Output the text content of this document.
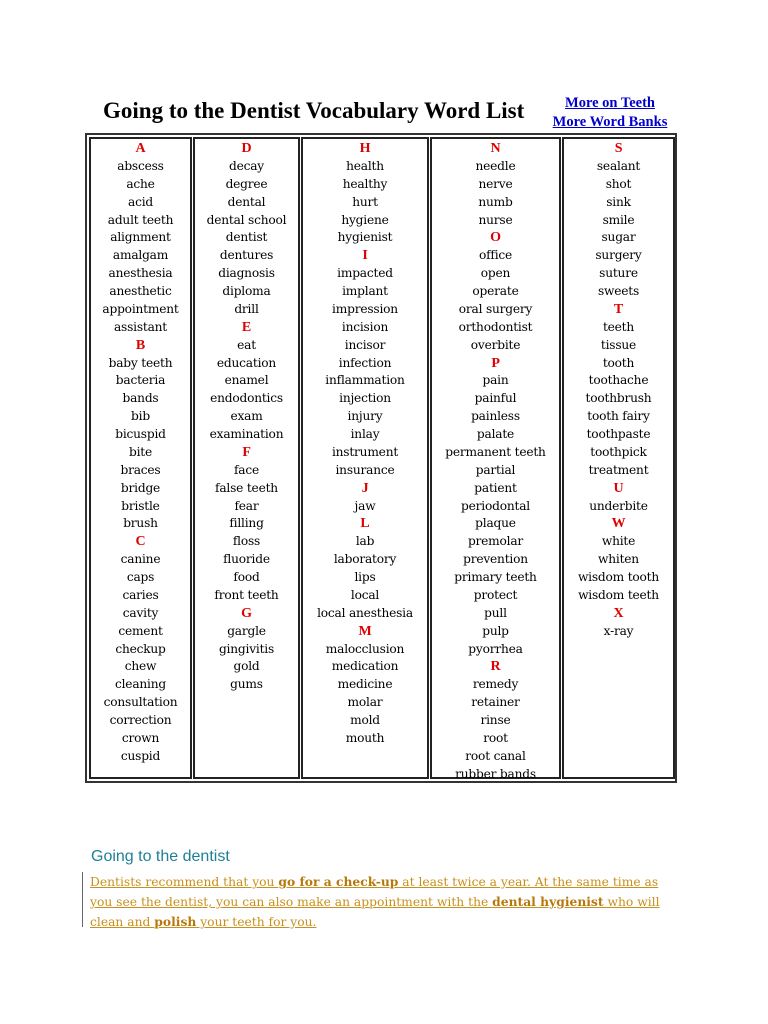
Going to the Dentist Vocabulary Word List	More on Teeth
More Word Banks
A
abscess
ache
acid
adult teeth
alignment
amalgam
anesthesia
anesthetic
appointment
assistant
B
baby teeth
bacteria
bands
bib
bicuspid
bite
braces
bridge
bristle
brush
C
canine
caps
caries
cavity
cement
checkup
chew
cleaning
consultation
correction
crown
cuspid
D
decay
degree
dental
dental school
dentist
dentures
diagnosis
diploma
drill
E
eat
education
enamel
endodontics
exam
examination
F
face
false teeth
fear
filling
floss
fluoride
food
front teeth
G
gargle
gingivitis
gold
gums
H
health
healthy
hurt
hygiene
hygienist
I
impacted
implant
impression
incision
incisor
infection
inflammation
injection
injury
inlay
instrument
insurance
J
jaw
L
lab
laboratory
lips
local
local anesthesia
M
malocclusion
medication
medicine
molar
mold
mouth
N
needle
nerve
numb
nurse
O
office
open
operate
oral surgery
orthodontist
overbite
P
pain
painful
painless
palate
permanent teeth
partial
patient
periodontal
plaque
premolar
prevention
primary teeth
protect
pull
pulp
pyorrhea
R
remedy
retainer
rinse
root
root canal
rubber bands
S
sealant
shot
sink
smile
sugar
surgery
suture
sweets
T
teeth
tissue
tooth
toothache
toothbrush
tooth fairy
toothpaste
toothpick
treatment
U
underbite
W
white
whiten
wisdom tooth
wisdom teeth
X
x-ray
Going to the dentist
Dentists recommend that you go for a check-up at least twice a year. At the same time as you see the dentist, you can also make an appointment with the dental hygienist who will clean and polish your teeth for you.
